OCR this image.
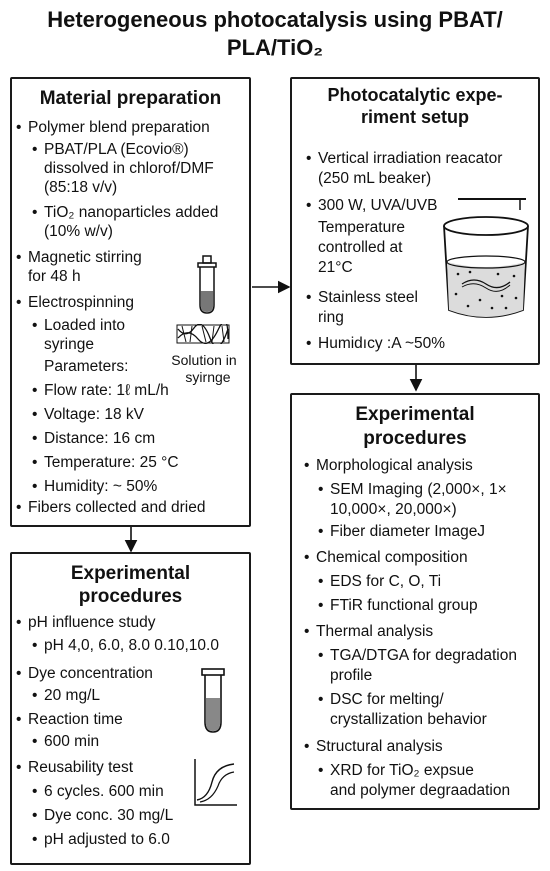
Heterogeneous photocatalysis using PBAT/
PLA/TiO₂
Material preparation
• Polymer blend preparation
• PBAT/PLA (Ecovio®)
dissolved in chlorof/DMF
(85:18 v/v)
• TiO₂ nanoparticles added
(10% w/v)
• Magnetic stirring
for 48 h
• Electrospinning
• Loaded into
syringe
Parameters:
• Flow rate: 1ℓ mL/h
• Voltage: 18 kV
• Distance: 16 cm
• Temperature: 25 °C
• Humidity: ~ 50%
• Fibers collected and dried
Solution in
syirnge
Photocatalytic expe-
riment setup
• Vertical irradiation reacator
(250 mL beaker)
• 300 W, UVA/UVB
Temperature
controlled at
21°C
• Stainless steel
ring
• Humidıcy :A ~50%
Experimental
procedures
• pH influence study
• pH 4,0, 6.0, 8.0 0.10,10.0
• Dye concentration
• 20 mg/L
• Reaction time
• 600 min
• Reusability test
• 6 cycles. 600 min
• Dye conc. 30 mg/L
• pH adjusted to 6.0
Experimental
procedures
• Morphological analysis
• SEM Imaging (2,000×, 1×
10,000×, 20,000×)
• Fiber diameter ImageJ
• Chemical composition
• EDS for C, O, Ti
• FTiR functional group
• Thermal analysis
• TGA/DTGA for degradation
profile
• DSC for melting/
crystallization behavior
• Structural analysis
• XRD for TiO₂ expsue
and polymer degraadation
